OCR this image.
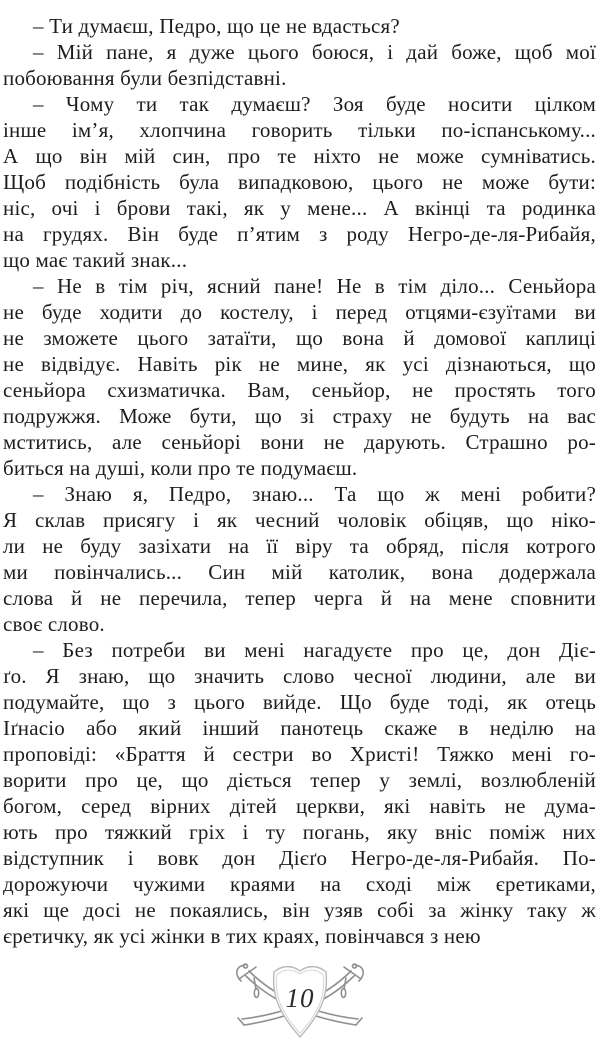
– Ти думаєш, Педро, що це не вдасться?
– Мій пане, я дуже цього боюся, і дай боже, щоб мої
побоювання були безпідставні.
– Чому ти так думаєш? Зоя буде носити цілком
інше ім’я, хлопчина говорить тільки по-іспанському...
А що він мій син, про те ніхто не може сумніватись.
Щоб подібність була випадковою, цього не може бути:
ніс, очі і брови такі, як у мене... А вкінці та родинка
на грудях. Він буде п’ятим з роду Негро-де-ля-Рибайя,
що має такий знак...
– Не в тім річ, ясний пане! Не в тім діло... Сеньйора
не буде ходити до костелу, і перед отцями-єзуїтами ви
не зможете цього затаїти, що вона й домової каплиці
не відвідує. Навіть рік не мине, як усі дізнаються, що
сеньйора схизматичка. Вам, сеньйор, не простять того
подружжя. Може бути, що зі страху не будуть на вас
мститись, але сеньйорі вони не дарують. Страшно ро-
биться на душі, коли про те подумаєш.
– Знаю я, Педро, знаю... Та що ж мені робити?
Я склав присягу і як чесний чоловік обіцяв, що ніко-
ли не буду зазіхати на її віру та обряд, після котрого
ми повінчались... Син мій католик, вона додержала
слова й не перечила, тепер черга й на мене сповнити
своє слово.
– Без потреби ви мені нагадуєте про це, дон Діє-
ґо. Я знаю, що значить слово чесної людини, але ви
подумайте, що з цього вийде. Що буде тоді, як отець
Іґнасіо або який інший панотець скаже в неділю на
проповіді: «Браття й сестри во Христі! Тяжко мені го-
ворити про це, що діється тепер у землі, возлюбленій
богом, серед вірних дітей церкви, які навіть не дума-
ють про тяжкий гріх і ту погань, яку вніс поміж них
відступник і вовк дон Дієґо Негро-де-ля-Рибайя. По-
дорожуючи чужими краями на сході між єретиками,
які ще досі не покаялись, він узяв собі за жінку таку ж
єретичку, як усі жінки в тих краях, повінчався з нею
10
